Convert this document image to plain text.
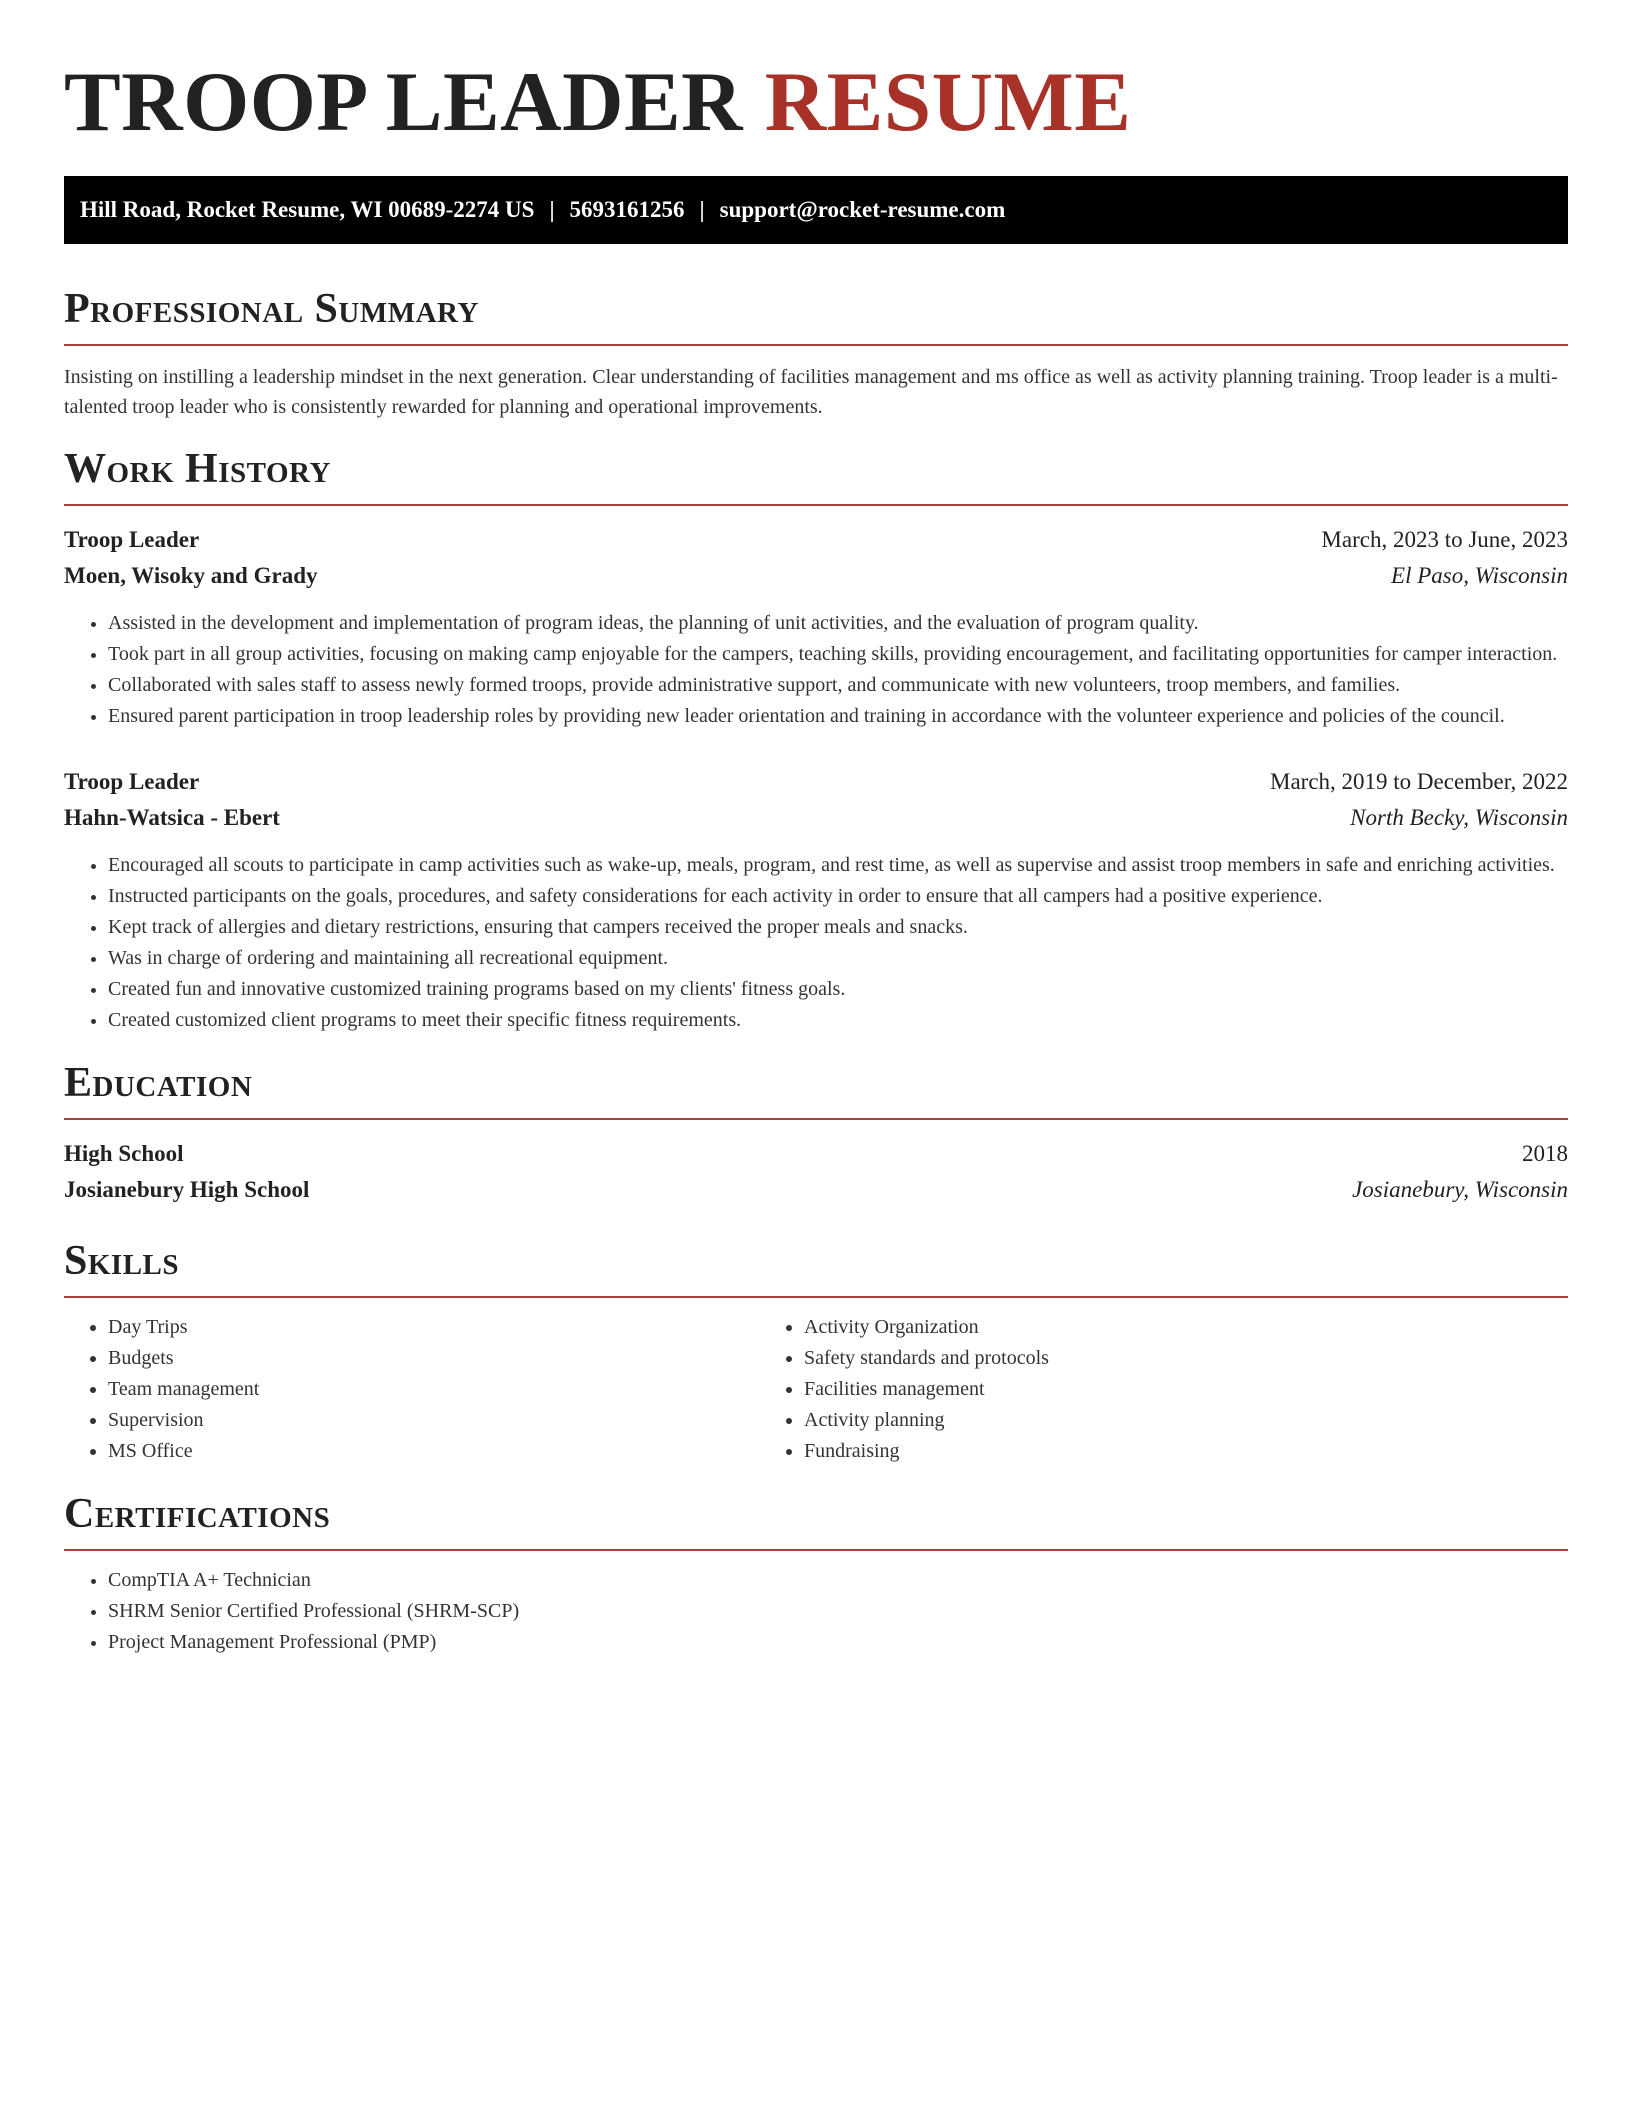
TROOP LEADER RESUME
Hill Road, Rocket Resume, WI 00689-2274 US | 5693161256 | support@rocket-resume.com
Professional Summary

Insisting on instilling a leadership mindset in the next generation. Clear understanding of facilities management and ms office as well as activity planning training. Troop leader is a multi-talented troop leader who is consistently rewarded for planning and operational improvements.

Work History
Troop Leader	March, 2023 to June, 2023
Moen, Wisoky and Grady	El Paso, Wisconsin
• Assisted in the development and implementation of program ideas, the planning of unit activities, and the evaluation of program quality.
• Took part in all group activities, focusing on making camp enjoyable for the campers, teaching skills, providing encouragement, and facilitating opportunities for camper interaction.
• Collaborated with sales staff to assess newly formed troops, provide administrative support, and communicate with new volunteers, troop members, and families.
• Ensured parent participation in troop leadership roles by providing new leader orientation and training in accordance with the volunteer experience and policies of the council.
Troop Leader	March, 2019 to December, 2022
Hahn-Watsica - Ebert	North Becky, Wisconsin
• Encouraged all scouts to participate in camp activities such as wake-up, meals, program, and rest time, as well as supervise and assist troop members in safe and enriching activities.
• Instructed participants on the goals, procedures, and safety considerations for each activity in order to ensure that all campers had a positive experience.
• Kept track of allergies and dietary restrictions, ensuring that campers received the proper meals and snacks.
• Was in charge of ordering and maintaining all recreational equipment.
• Created fun and innovative customized training programs based on my clients' fitness goals.
• Created customized client programs to meet their specific fitness requirements.
Education
High School	2018
Josianebury High School	Josianebury, Wisconsin
Skills
• Day Trips
• Budgets
• Team management
• Supervision
• MS Office
• Activity Organization
• Safety standards and protocols
• Facilities management
• Activity planning
• Fundraising
Certifications
• CompTIA A+ Technician
• SHRM Senior Certified Professional (SHRM-SCP)
• Project Management Professional (PMP)
